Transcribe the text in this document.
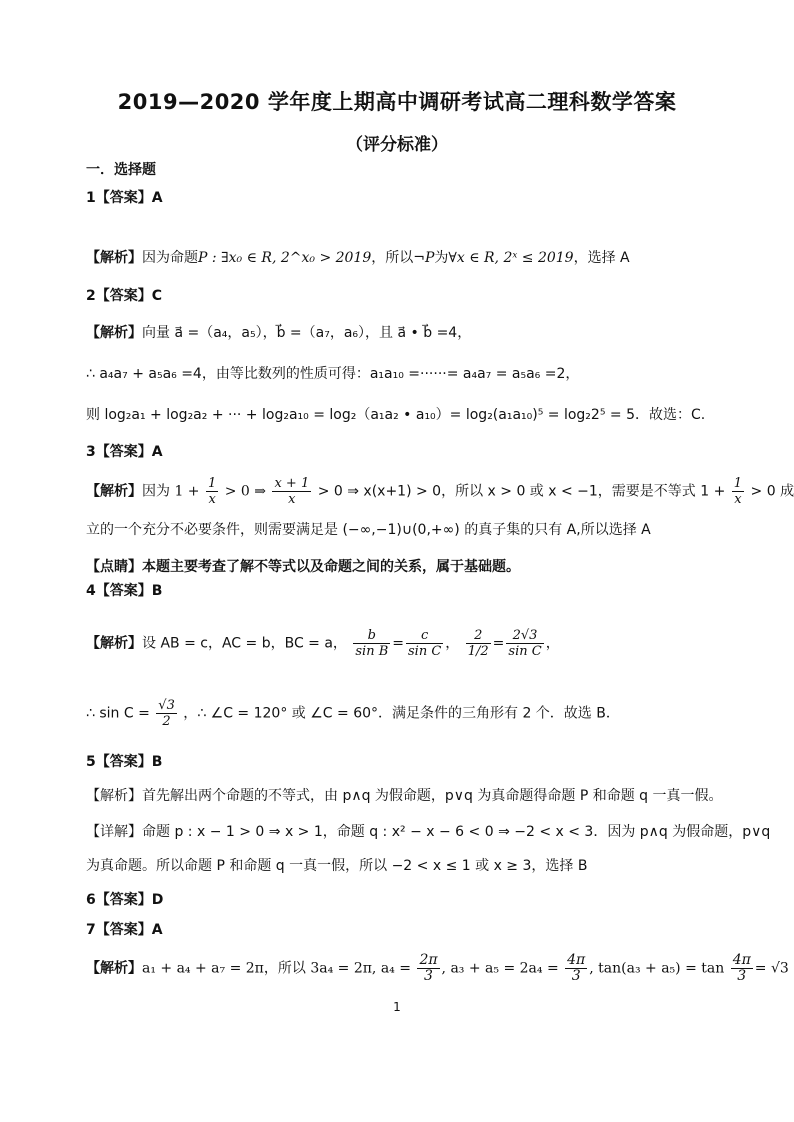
2019—2020 学年度上期高中调研考试高二理科数学答案
（评分标准）
一．选择题
1【答案】A
【解析】因为命题P : ∃x₀ ∈ R, 2^x₀ > 2019，所以¬P为∀x ∈ R, 2ˣ ≤ 2019，选择 A
2【答案】C
【解析】向量 a⃗ =（a₄，a₅），b⃗ =（a₇，a₆），且 a⃗ • b⃗ =4，
∴ a₄a₇ + a₅a₆ =4，由等比数列的性质可得：a₁a₁₀ =······= a₄a₇ = a₅a₆ =2，
则 log₂a₁ + log₂a₂ + ··· + log₂a₁₀ = log₂（a₁a₂ • a₁₀）= log₂(a₁a₁₀)⁵ = log₂2⁵ = 5．故选：C.
3【答案】A
【解析】因为 $1 + \frac{1}{x} > 0$ ⇒ $\frac{x + 1}{x} > 0$ ⇒ x(x+1) > 0，所以 x > 0 或 x < −1，需要是不等式 $1 + \frac{1}{x} > 0$ 成
立的一个充分不必要条件，则需要满足是 (−∞,−1)∪(0,+∞) 的真子集的只有 A,所以选择 A
【点睛】本题主要考查了解不等式以及命题之间的关系，属于基础题。
4【答案】B
【解析】设 AB = c，AC = b，BC = a， $\frac{b}{\text{sin B}} = \frac{c}{\text{sin C}}$ ， $\frac{2}{1/2} = \frac{2√3}{\text{sin C}}$ ，
∴ $\sin C = \frac{√3}{2}$ ，∴ ∠C = 120° 或 ∠C = 60°．满足条件的三角形有 2 个．故选 B．
5【答案】B
【解析】首先解出两个命题的不等式，由 p∧q 为假命题，p∨q 为真命题得命题 P 和命题 q 一真一假。
【详解】命题 p : x − 1 > 0 ⇒ x > 1，命题 q : x² − x − 6 < 0 ⇒ −2 < x < 3．因为 p∧q 为假命题，p∨q
为真命题。所以命题 P 和命题 q 一真一假，所以 −2 < x ≤ 1 或 x ≥ 3，选择 B
6【答案】D
7【答案】A
【解析】a₁ + a₄ + a₇ = 2π，所以 3a₄ = 2π, $a_4 = \frac{2\pi}{3}$ , $a_3 + a_5 = 2a_4 = \frac{4\pi}{3}$ , $\tan(a_3 + a_5) = \tan \frac{4\pi}{3} = √3$
1
